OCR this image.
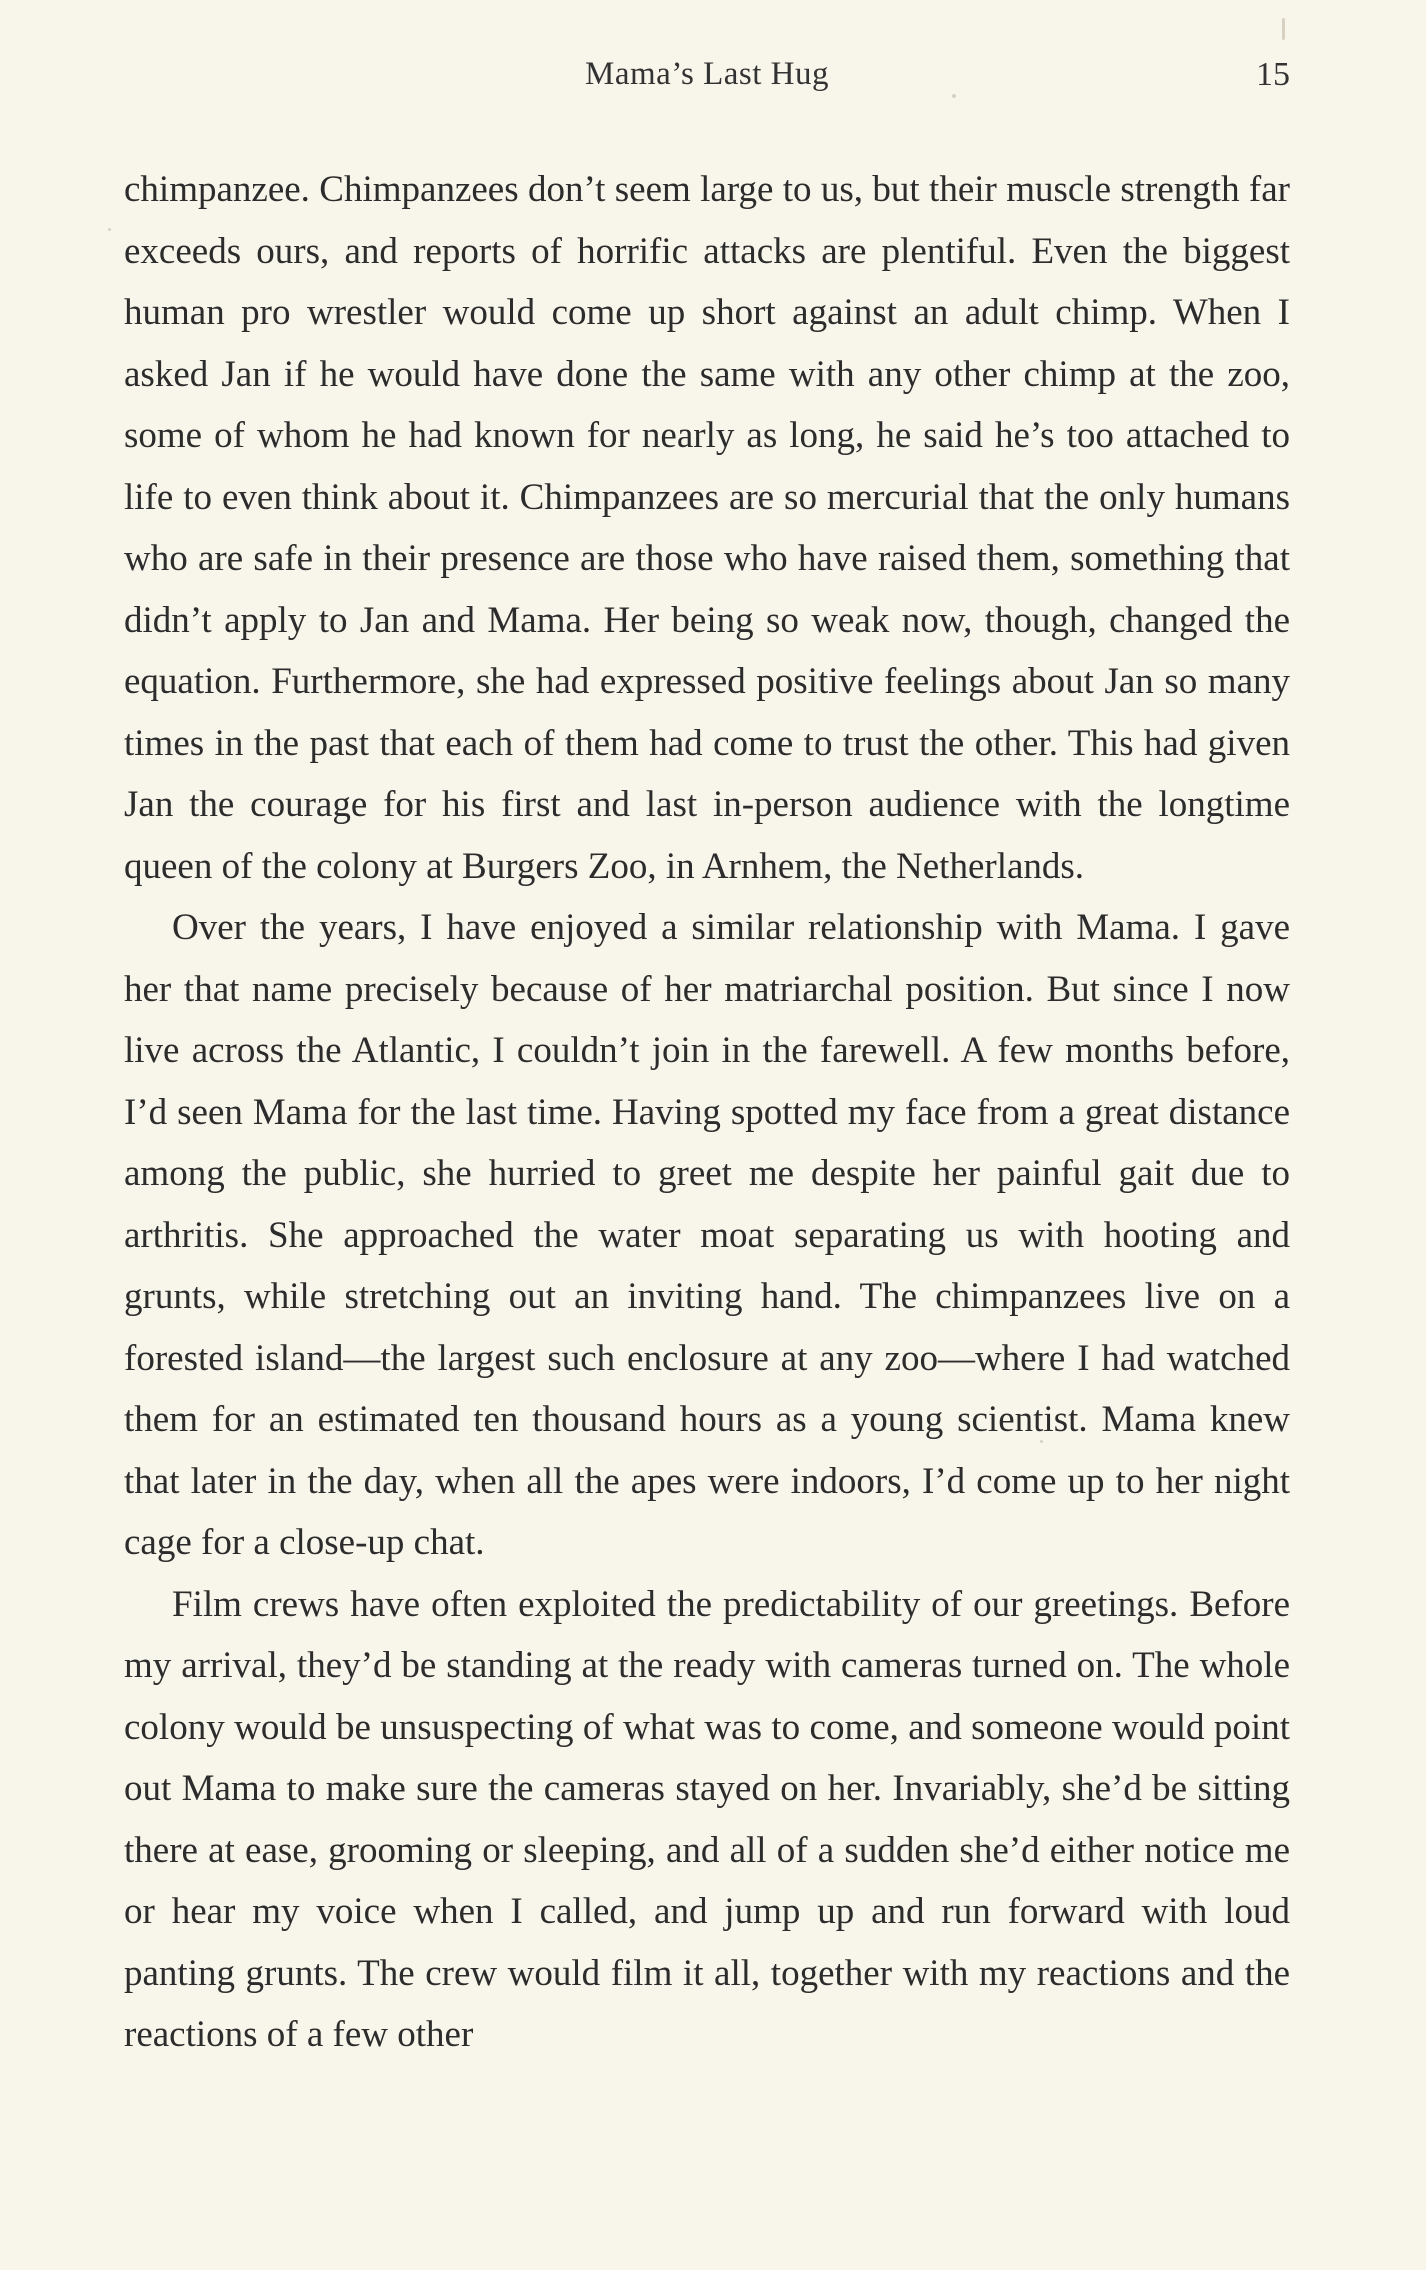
Mama’s Last Hug	15

chimpanzee. Chimpanzees don’t seem large to us, but their muscle strength far exceeds ours, and reports of horrific attacks are plentiful. Even the biggest human pro wrestler would come up short against an adult chimp. When I asked Jan if he would have done the same with any other chimp at the zoo, some of whom he had known for nearly as long, he said he’s too attached to life to even think about it. Chimpanzees are so mercurial that the only humans who are safe in their presence are those who have raised them, something that didn’t apply to Jan and Mama. Her being so weak now, though, changed the equation. Furthermore, she had expressed positive feelings about Jan so many times in the past that each of them had come to trust the other. This had given Jan the courage for his first and last in-person audience with the longtime queen of the colony at Burgers Zoo, in Arnhem, the Netherlands.

Over the years, I have enjoyed a similar relationship with Mama. I gave her that name precisely because of her matriarchal position. But since I now live across the Atlantic, I couldn’t join in the farewell. A few months before, I’d seen Mama for the last time. Having spotted my face from a great distance among the public, she hurried to greet me despite her painful gait due to arthritis. She approached the water moat separating us with hooting and grunts, while stretching out an inviting hand. The chimpanzees live on a forested island—the largest such enclosure at any zoo—where I had watched them for an estimated ten thousand hours as a young scientist. Mama knew that later in the day, when all the apes were indoors, I’d come up to her night cage for a close-up chat.

Film crews have often exploited the predictability of our greetings. Before my arrival, they’d be standing at the ready with cameras turned on. The whole colony would be unsuspecting of what was to come, and someone would point out Mama to make sure the cameras stayed on her. Invariably, she’d be sitting there at ease, grooming or sleeping, and all of a sudden she’d either notice me or hear my voice when I called, and jump up and run forward with loud panting grunts. The crew would film it all, together with my reactions and the reactions of a few other
